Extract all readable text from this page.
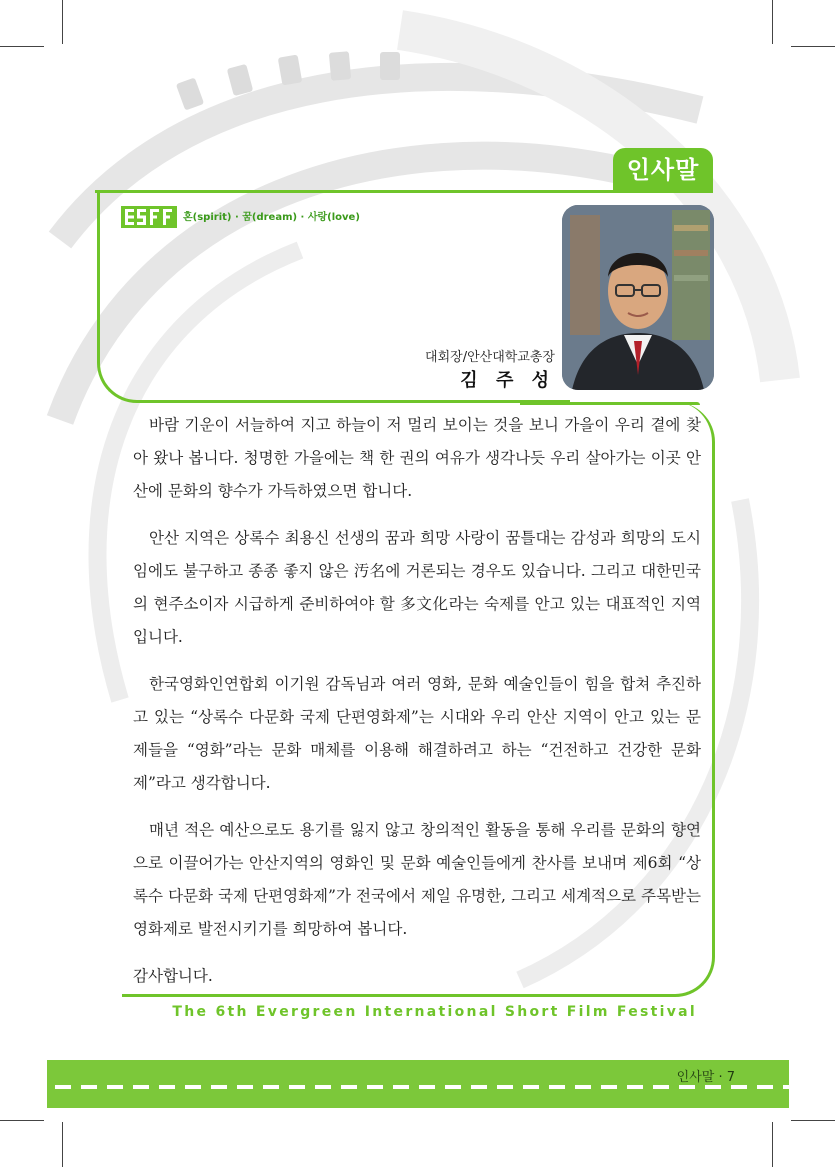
인사말
혼(spirit) · 꿈(dream) · 사랑(love)
대회장/안산대학교총장
김 주 성

바람 기운이 서늘하여 지고 하늘이 저 멀리 보이는 것을 보니 가을이 우리 곁에 찾아 왔나 봅니다. 청명한 가을에는 책 한 권의 여유가 생각나듯 우리 살아가는 이곳 안산에 문화의 향수가 가득하였으면 합니다.

안산 지역은 상록수 최용신 선생의 꿈과 희망 사랑이 꿈틀대는 감성과 희망의 도시임에도 불구하고 종종 좋지 않은 汚名에 거론되는 경우도 있습니다. 그리고 대한민국의 현주소이자 시급하게 준비하여야 할 多文化라는 숙제를 안고 있는 대표적인 지역입니다.

한국영화인연합회 이기원 감독님과 여러 영화, 문화 예술인들이 힘을 합쳐 추진하고 있는 “상록수 다문화 국제 단편영화제”는 시대와 우리 안산 지역이 안고 있는 문제들을 “영화”라는 문화 매체를 이용해 해결하려고 하는 “건전하고 건강한 문화제”라고 생각합니다.

매년 적은 예산으로도 용기를 잃지 않고 창의적인 활동을 통해 우리를 문화의 향연으로 이끌어가는 안산지역의 영화인 및 문화 예술인들에게 찬사를 보내며 제6회 “상록수 다문화 국제 단편영화제”가 전국에서 제일 유명한, 그리고 세계적으로 주목받는 영화제로 발전시키기를 희망하여 봅니다.

감사합니다.

The 6th Evergreen International Short Film Festival
인사말 · 7
